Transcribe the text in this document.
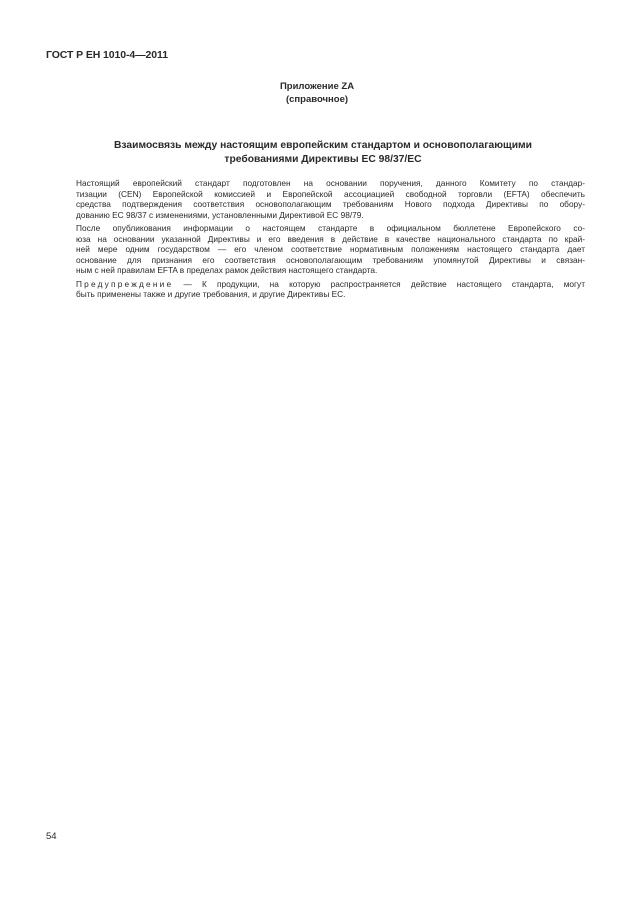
ГОСТ Р ЕН 1010-4—2011
Приложение ZA
(справочное)
Взаимосвязь между настоящим европейским стандартом и основополагающими
требованиями Директивы ЕС 98/37/ЕС
Настоящий европейский стандарт подготовлен на основании поручения, данного Комитету по стандар-
тизации (CEN) Европейской комиссией и Европейской ассоциацией свободной торговли (EFTA) обеспечить
средства подтверждения соответствия основополагающим требованиям Нового подхода Директивы по обору-
дованию ЕС 98/37 с изменениями, установленными Директивой ЕС 98/79.
После опубликования информации о настоящем стандарте в официальном бюллетене Европейского со-
юза на основании указанной Директивы и его введения в действие в качестве национального стандарта по край-
ней мере одним государством — его членом соответствие нормативным положениям настоящего стандарта дает
основание для признания его соответствия основополагающим требованиям упомянутой Директивы и связан-
ным с ней правилам EFTA в пределах рамок действия настоящего стандарта.
Предупреждение — К продукции, на которую распространяется действие настоящего стандарта, могут
быть применены также и другие требования, и другие Директивы ЕС.
54
